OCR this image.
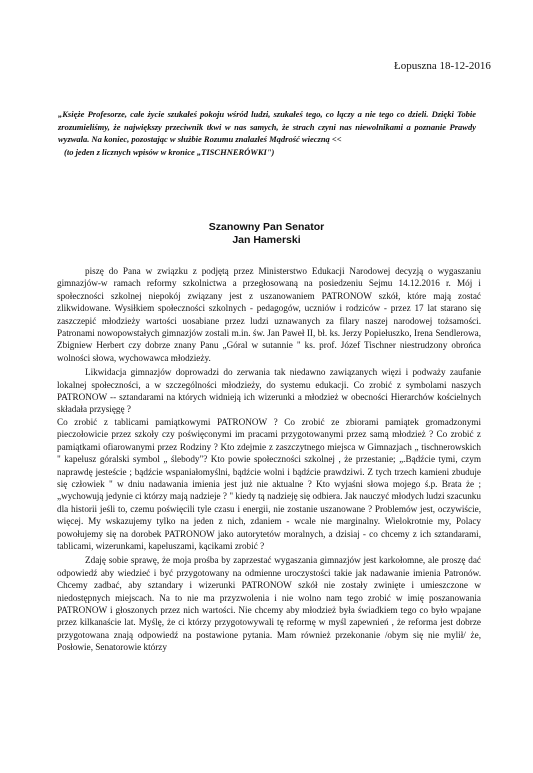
Łopuszna 18-12-2016
„Księże Profesorze, całe życie szukałeś pokoju wśród ludzi, szukałeś tego, co łączy a nie tego co dzieli. Dzięki Tobie zrozumieliśmy, że największy przeciwnik tkwi w nas samych, że strach czyni nas niewolnikami a poznanie Prawdy wyzwala. Na koniec, pozostając w służbie Rozumu znalazłeś Mądrość wieczną <<
(to jeden z licznych wpisów w kronice „TISCHNERÓWKI")
Szanowny Pan Senator
Jan Hamerski

piszę do Pana w związku z podjętą przez Ministerstwo Edukacji Narodowej decyzją o wygaszaniu gimnazjów-w ramach reformy szkolnictwa a przegłosowaną na posiedzeniu Sejmu 14.12.2016 r. Mój i społeczności szkolnej niepokój związany jest z uszanowaniem PATRONOW szkół, które mają zostać zlikwidowane. Wysiłkiem społeczności szkolnych - pedagogów, uczniów i rodziców - przez 17 lat starano się zaszczepić młodzieży wartości uosabiane przez ludzi uznawanych za filary naszej narodowej tożsamości. Patronami nowopowstałych gimnazjów zostali m.in. św. Jan Paweł II, bł. ks. Jerzy Popiełuszko, Irena Sendlerowa, Zbigniew Herbert czy dobrze znany Panu „Góral w sutannie " ks. prof. Józef Tischner niestrudzony obrońca wolności słowa, wychowawca młodzieży.

Likwidacja gimnazjów doprowadzi do zerwania tak niedawno zawiązanych więzi i podważy zaufanie lokalnej społeczności, a w szczególności młodzieży, do systemu edukacji. Co zrobić z symbolami naszych PATRONOW -- sztandarami na których widnieją ich wizerunki a młodzież w obecności Hierarchów kościelnych składała przysięgę ?

Co zrobić z tablicami pamiątkowymi PATRONOW ? Co zrobić ze zbiorami pamiątek gromadzonymi pieczołowicie przez szkoły czy poświęconymi im pracami przygotowanymi przez samą młodzież ? Co zrobić z pamiątkami ofiarowanymi przez Rodziny ? Kto zdejmie z zaszczytnego miejsca w Gimnazjach „ tischnerowskich " kapelusz góralski symbol „ ślebody"? Kto powie społeczności szkolnej , że przestanie; „.Bądźcie tymi, czym naprawdę jesteście ; bądźcie wspaniałomyślni, bądźcie wolni i bądźcie prawdziwi. Z tych trzech kamieni zbuduje się człowiek " w dniu nadawania imienia jest już nie aktualne ? Kto wyjaśni słowa mojego ś.p. Brata że ; „wychowują jedynie ci którzy mają nadzieje ? " kiedy tą nadzieję się odbiera. Jak nauczyć młodych ludzi szacunku dla historii jeśli to, czemu poświęcili tyle czasu i energii, nie zostanie uszanowane ? Problemów jest, oczywiście, więcej. My wskazujemy tylko na jeden z nich, zdaniem - wcale nie marginalny. Wielokrotnie my, Polacy powołujemy się na dorobek PATRONOW jako autorytetów moralnych, a dzisiaj - co chcemy z ich sztandarami, tablicami, wizerunkami, kapeluszami, kącikami zrobić ?

Zdaję sobie sprawę, że moja prośba by zaprzestać wygaszania gimnazjów jest karkołomne, ale proszę dać odpowiedź aby wiedzieć i być przygotowany na odmienne uroczystości takie jak nadawanie imienia Patronów. Chcemy zadbać, aby sztandary i wizerunki PATRONOW szkół nie zostały zwinięte i umieszczone w niedostępnych miejscach. Na to nie ma przyzwolenia i nie wolno nam tego zrobić w imię poszanowania PATRONOW i głoszonych przez nich wartości. Nie chcemy aby młodzież była świadkiem tego co było wpajane przez kilkanaście lat. Myślę, że ci którzy przygotowywali tę reformę w myśl zapewnień , że reforma jest dobrze przygotowana znają odpowiedź na postawione pytania. Mam również przekonanie /obym się nie mylił/ że, Posłowie, Senatorowie którzy
